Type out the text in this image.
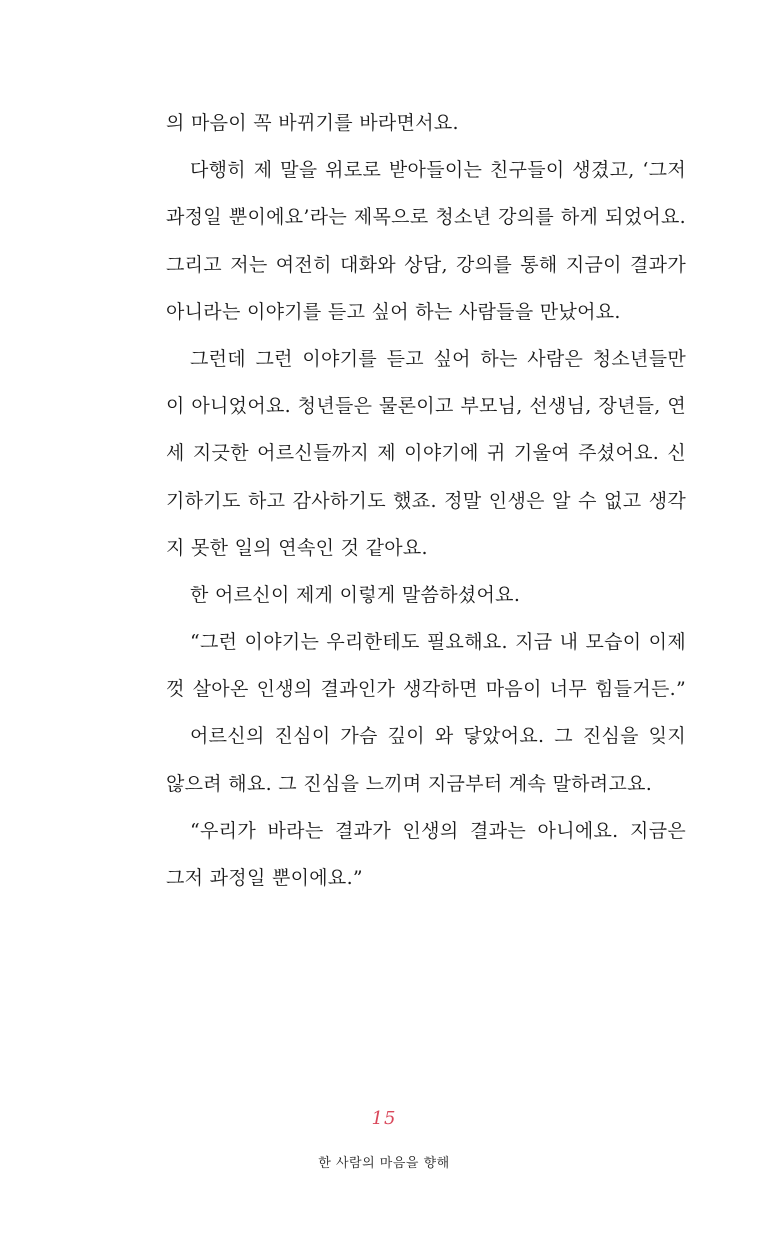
의 마음이 꼭 바뀌기를 바라면서요.
다행히 제 말을 위로로 받아들이는 친구들이 생겼고, ‘그저
과정일 뿐이에요’라는 제목으로 청소년 강의를 하게 되었어요.
그리고 저는 여전히 대화와 상담, 강의를 통해 지금이 결과가
아니라는 이야기를 듣고 싶어 하는 사람들을 만났어요.
그런데 그런 이야기를 듣고 싶어 하는 사람은 청소년들만
이 아니었어요. 청년들은 물론이고 부모님, 선생님, 장년들, 연
세 지긋한 어르신들까지 제 이야기에 귀 기울여 주셨어요. 신
기하기도 하고 감사하기도 했죠. 정말 인생은 알 수 없고 생각
지 못한 일의 연속인 것 같아요.
한 어르신이 제게 이렇게 말씀하셨어요.
“그런 이야기는 우리한테도 필요해요. 지금 내 모습이 이제
껏 살아온 인생의 결과인가 생각하면 마음이 너무 힘들거든.”
어르신의 진심이 가슴 깊이 와 닿았어요. 그 진심을 잊지
않으려 해요. 그 진심을 느끼며 지금부터 계속 말하려고요.
“우리가 바라는 결과가 인생의 결과는 아니에요. 지금은
그저 과정일 뿐이에요.”
15
한 사람의 마음을 향해
